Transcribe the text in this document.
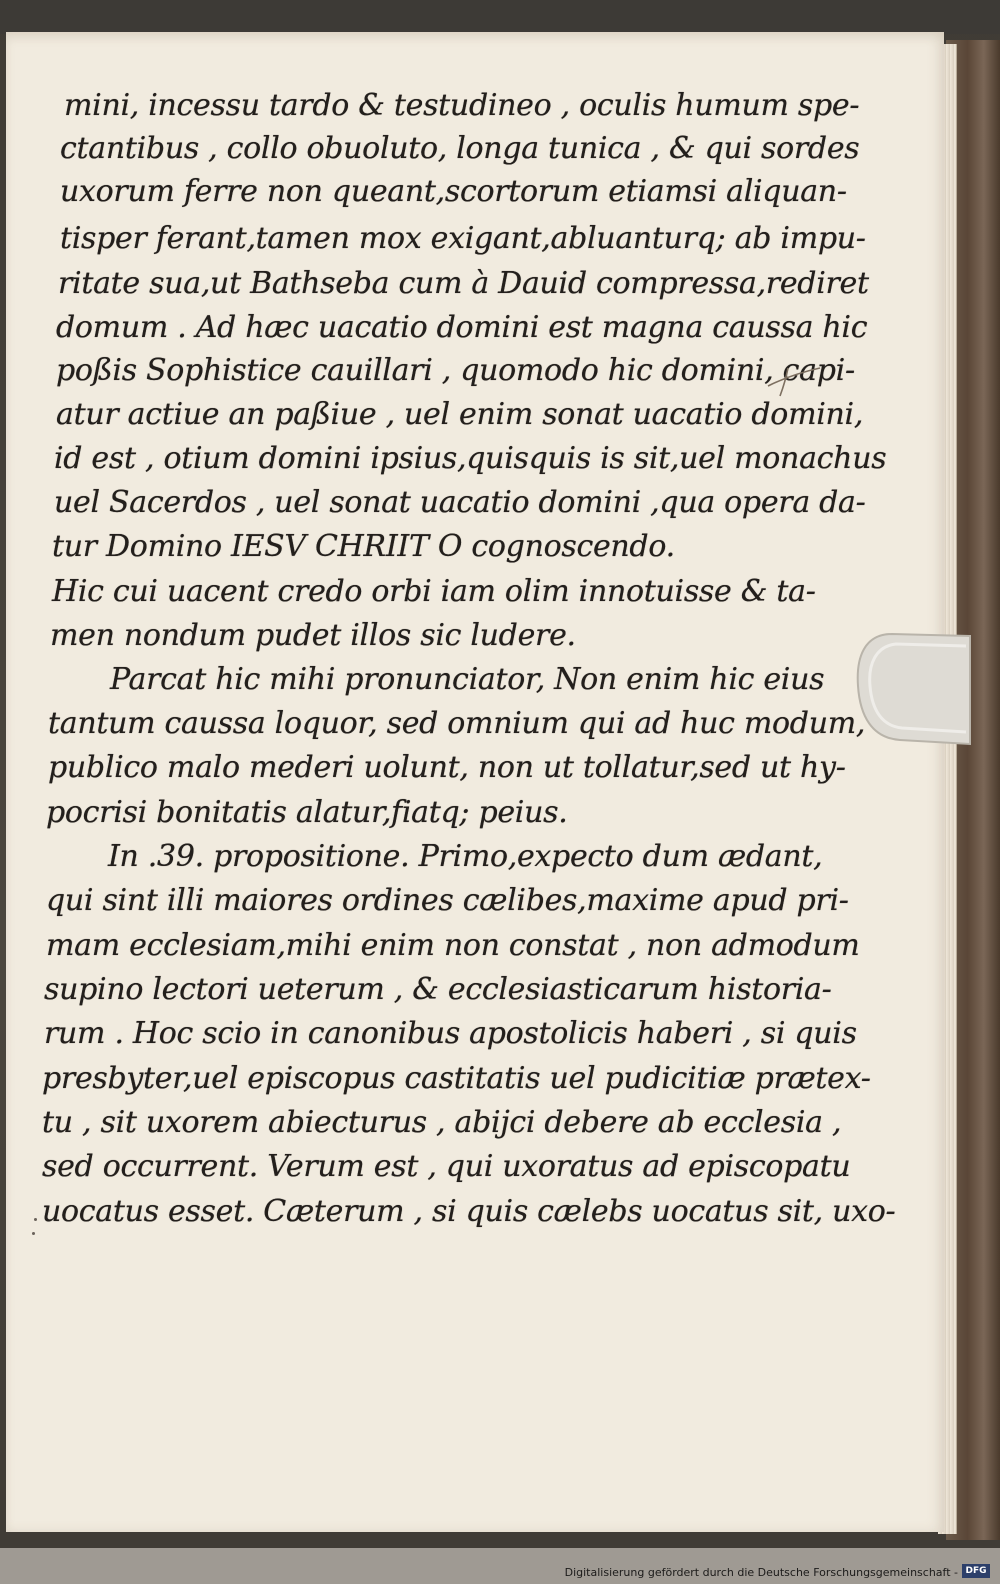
mini, incessu tardo & testudineo , oculis humum spe-
ctantibus , collo obuoluto, longa tunica , & qui sordes
uxorum ferre non queant,scortorum etiamsi aliquan-
tisper ferant,tamen mox exigant,abluanturq; ab impu-
ritate sua,ut Bathseba cum à Dauid compressa,rediret
domum . Ad hæc uacatio domini est magna caussa hic
poßis Sophistice cauillari , quomodo hic domini, capi-
atur actiue an paßiue , uel enim sonat uacatio domini,
id est , otium domini ipsius,quisquis is sit,uel monachus
uel Sacerdos , uel sonat uacatio domini ,qua opera da-
tur Domino IESV CHRIIT O cognoscendo.
Hic cui uacent credo orbi iam olim innotuisse & ta-
men nondum pudet illos sic ludere.
Parcat hic mihi pronunciator, Non enim hic eius
tantum caussa loquor, sed omnium qui ad huc modum,
publico malo mederi uolunt, non ut tollatur,sed ut hy-
pocrisi bonitatis alatur,fiatq; peius.
In .39. propositione. Primo,expecto dum ædant,
qui sint illi maiores ordines cælibes,maxime apud pri-
mam ecclesiam,mihi enim non constat , non admodum
supino lectori ueterum , & ecclesiasticarum historia-
rum . Hoc scio in canonibus apostolicis haberi , si quis
presbyter,uel episcopus castitatis uel pudicitiæ prætex-
tu , sit uxorem abiecturus , abijci debere ab ecclesia ,
sed occurrent. Verum est , qui uxoratus ad episcopatu
uocatus esset. Cæterum , si quis cælebs uocatus sit, uxo-
Digitalisierung gefördert durch die Deutsche Forschungsgemeinschaft - DFG
